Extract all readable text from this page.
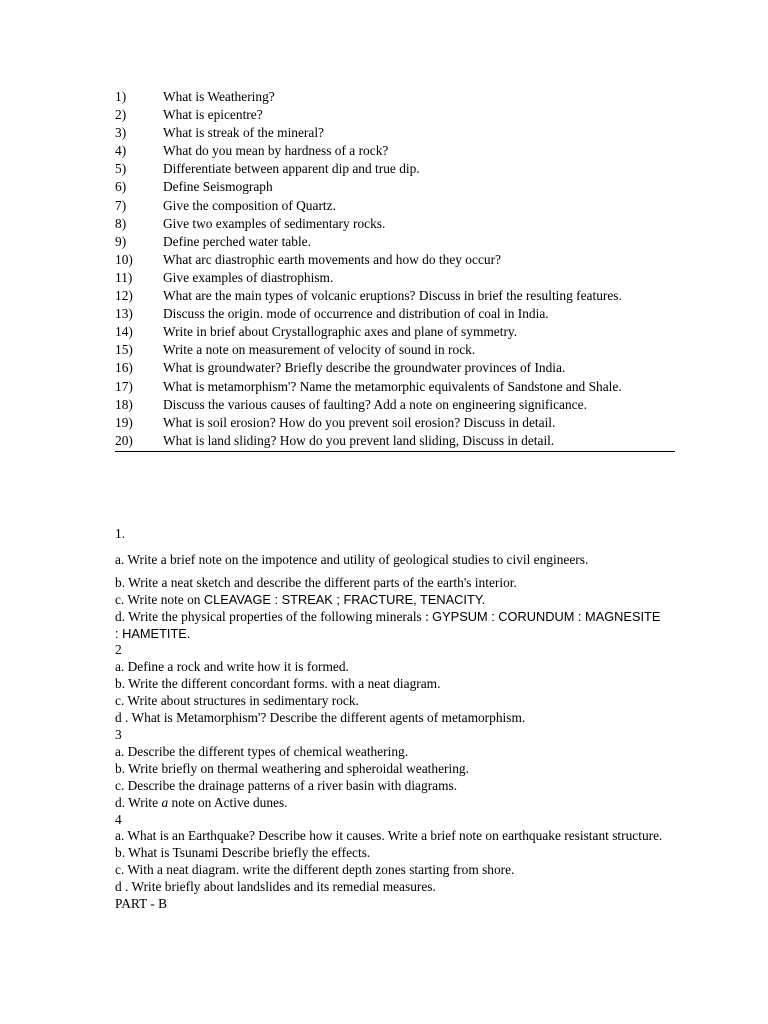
1)	What is Weathering?
2)	What is epicentre?
3)	What is streak of the mineral?
4)	What do you mean by hardness of a rock?
5)	Differentiate between apparent dip and true dip.
6)	Define Seismograph
7)	Give the composition of Quartz.
8)	Give two examples of sedimentary rocks.
9)	Define perched water table.
10)	What arc diastrophic earth movements and how do they occur?
11)	Give examples of diastrophism.
12)	What are the main types of volcanic eruptions? Discuss in brief the resulting features.
13)	Discuss the origin. mode of occurrence and distribution of coal in India.
14)	Write in brief about Crystallographic axes and plane of symmetry.
15)	Write a note on measurement of velocity of sound in rock.
16)	What is groundwater? Briefly describe the groundwater provinces of India.
17)	What is metamorphism'? Name the metamorphic equivalents of Sandstone and Shale.
18)	Discuss the various causes of faulting? Add a note on engineering significance.
19)	What is soil erosion? How do you prevent soil erosion? Discuss in detail.
20)	What is land sliding? How do you prevent land sliding, Discuss in detail.
1.
a. Write a brief note on the impotence and utility of geological studies to civil engineers.
b. Write a neat sketch and describe the different parts of the earth's interior.
c. Write note on CLEAVAGE : STREAK ; FRACTURE, TENACITY.
d. Write the physical properties of the following minerals : GYPSUM : CORUNDUM : MAGNESITE : HAMETITE.
2
a. Define a rock and write how it is formed.
b. Write the different concordant forms. with a neat diagram.
c. Write about structures in sedimentary rock.
d . What is Metamorphism'? Describe the different agents of metamorphism.
3
a. Describe the different types of chemical weathering.
b. Write briefly on thermal weathering and spheroidal weathering.
c. Describe the drainage patterns of a river basin with diagrams.
d. Write a note on Active dunes.
4
a. What is an Earthquake? Describe how it causes. Write a brief note on earthquake resistant structure.
b. What is Tsunami Describe briefly the effects.
c. With a neat diagram. write the different depth zones starting from shore.
d . Write briefly about landslides and its remedial measures.
PART - B
